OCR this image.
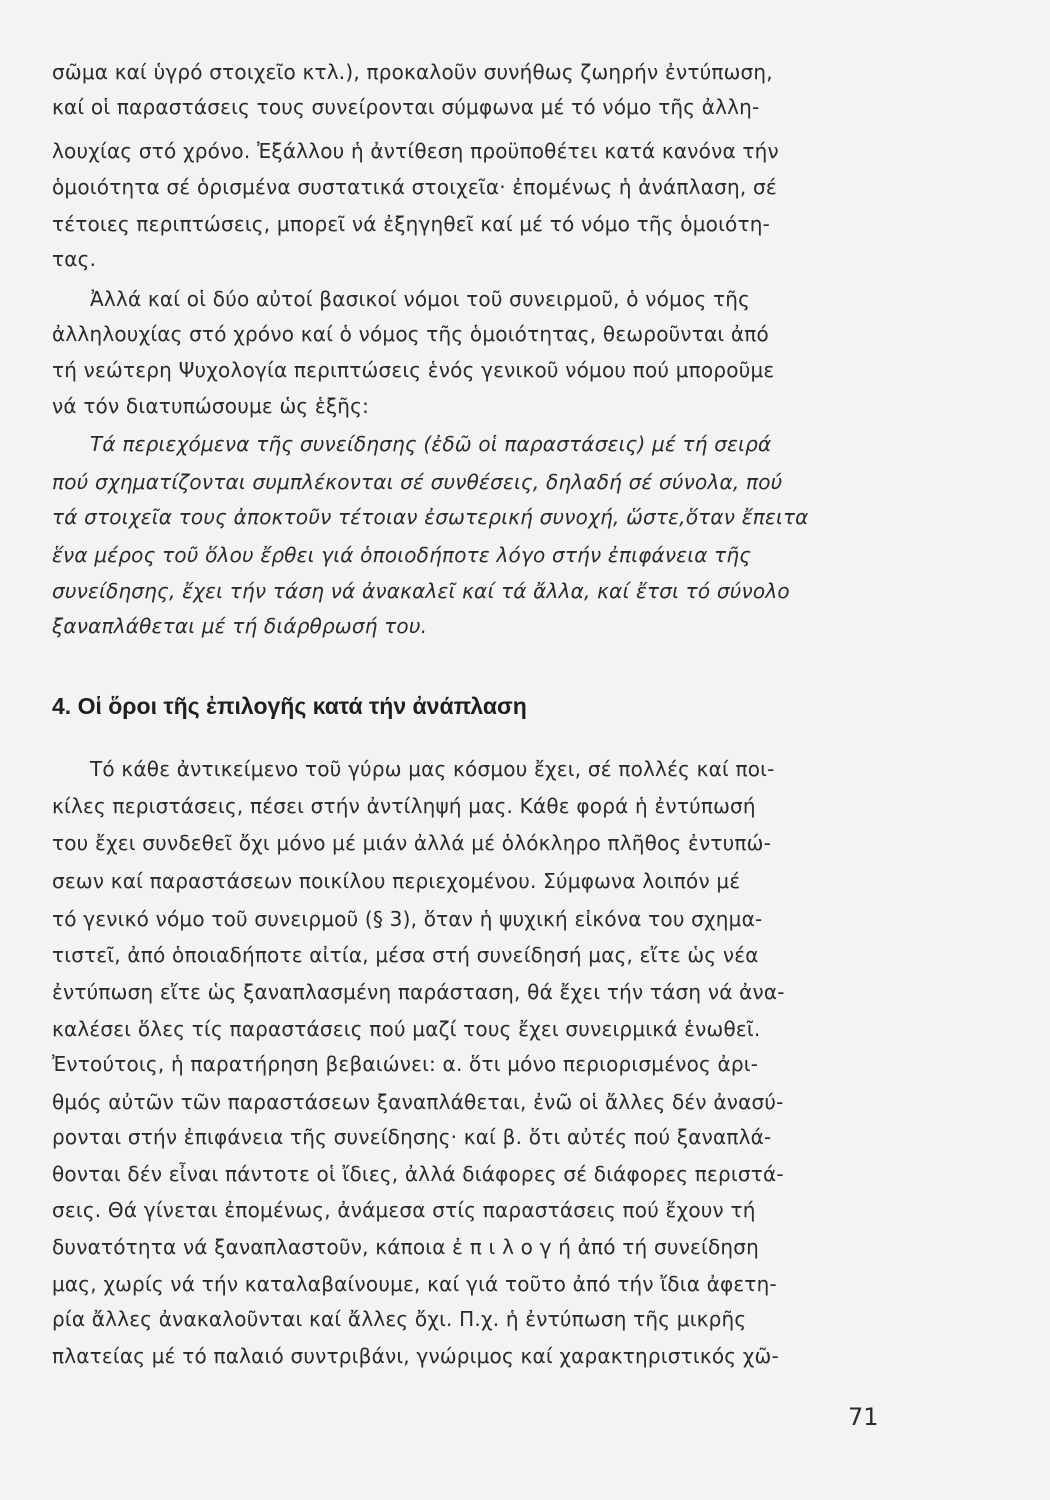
σῶμα καί ὑγρό στοιχεῖο κτλ.), προκαλοῦν συνήθως ζωηρήν ἐντύπωση,
καί οἱ παραστάσεις τους συνείρονται σύμφωνα μέ τό νόμο τῆς ἀλλη-
λουχίας στό χρόνο. Ἐξάλλου ἡ ἀντίθεση προϋποθέτει κατά κανόνα τήν
ὁμοιότητα σέ ὁρισμένα συστατικά στοιχεῖα· ἐπομένως ἡ ἀνάπλαση, σέ
τέτοιες περιπτώσεις, μπορεῖ νά ἐξηγηθεῖ καί μέ τό νόμο τῆς ὁμοιότη-
τας.
Ἀλλά καί οἱ δύο αὐτοί βασικοί νόμοι τοῦ συνειρμοῦ, ὁ νόμος τῆς
ἀλληλουχίας στό χρόνο καί ὁ νόμος τῆς ὁμοιότητας, θεωροῦνται ἀπό
τή νεώτερη Ψυχολογία περιπτώσεις ἑνός γενικοῦ νόμου πού μποροῦμε
νά τόν διατυπώσουμε ὡς ἑξῆς:
Τά περιεχόμενα τῆς συνείδησης (ἐδῶ οἱ παραστάσεις) μέ τή σειρά
πού σχηματίζονται συμπλέκονται σέ συνθέσεις, δηλαδή σέ σύνολα, πού
τά στοιχεῖα τους ἀποκτοῦν τέτοιαν ἐσωτερική συνοχή, ὥστε,ὅταν ἔπειτα
ἕνα μέρος τοῦ ὅλου ἔρθει γιά ὁποιοδήποτε λόγο στήν ἐπιφάνεια τῆς
συνείδησης, ἔχει τήν τάση νά ἀνακαλεῖ καί τά ἄλλα, καί ἔτσι τό σύνολο
ξαναπλάθεται μέ τή διάρθρωσή του.
4. Οἱ ὅροι τῆς ἐπιλογῆς κατά τήν ἀνάπλαση
Τό κάθε ἀντικείμενο τοῦ γύρω μας κόσμου ἔχει, σέ πολλές καί ποι-
κίλες περιστάσεις, πέσει στήν ἀντίληψή μας. Κάθε φορά ἡ ἐντύπωσή
του ἔχει συνδεθεῖ ὄχι μόνο μέ μιάν ἀλλά μέ ὁλόκληρο πλῆθος ἐντυπώ-
σεων καί παραστάσεων ποικίλου περιεχομένου. Σύμφωνα λοιπόν μέ
τό γενικό νόμο τοῦ συνειρμοῦ (§ 3), ὅταν ἡ ψυχική εἰκόνα του σχημα-
τιστεῖ, ἀπό ὁποιαδήποτε αἰτία, μέσα στή συνείδησή μας, εἴτε ὡς νέα
ἐντύπωση εἴτε ὡς ξαναπλασμένη παράσταση, θά ἔχει τήν τάση νά ἀνα-
καλέσει ὅλες τίς παραστάσεις πού μαζί τους ἔχει συνειρμικά ἑνωθεῖ.
Ἐντούτοις, ἡ παρατήρηση βεβαιώνει: α. ὅτι μόνο περιορισμένος ἀρι-
θμός αὐτῶν τῶν παραστάσεων ξαναπλάθεται, ἐνῶ οἱ ἄλλες δέν ἀνασύ-
ρονται στήν ἐπιφάνεια τῆς συνείδησης· καί β. ὅτι αὐτές πού ξαναπλά-
θονται δέν εἶναι πάντοτε οἱ ἴδιες, ἀλλά διάφορες σέ διάφορες περιστά-
σεις. Θά γίνεται ἐπομένως, ἀνάμεσα στίς παραστάσεις πού ἔχουν τή
δυνατότητα νά ξαναπλαστοῦν, κάποια ἐ π ι λ ο γ ή ἀπό τή συνείδηση
μας, χωρίς νά τήν καταλαβαίνουμε, καί γιά τοῦτο ἀπό τήν ἴδια ἀφετη-
ρία ἄλλες ἀνακαλοῦνται καί ἄλλες ὄχι. Π.χ. ἡ ἐντύπωση τῆς μικρῆς
πλατείας μέ τό παλαιό συντριβάνι, γνώριμος καί χαρακτηριστικός χῶ-
71
